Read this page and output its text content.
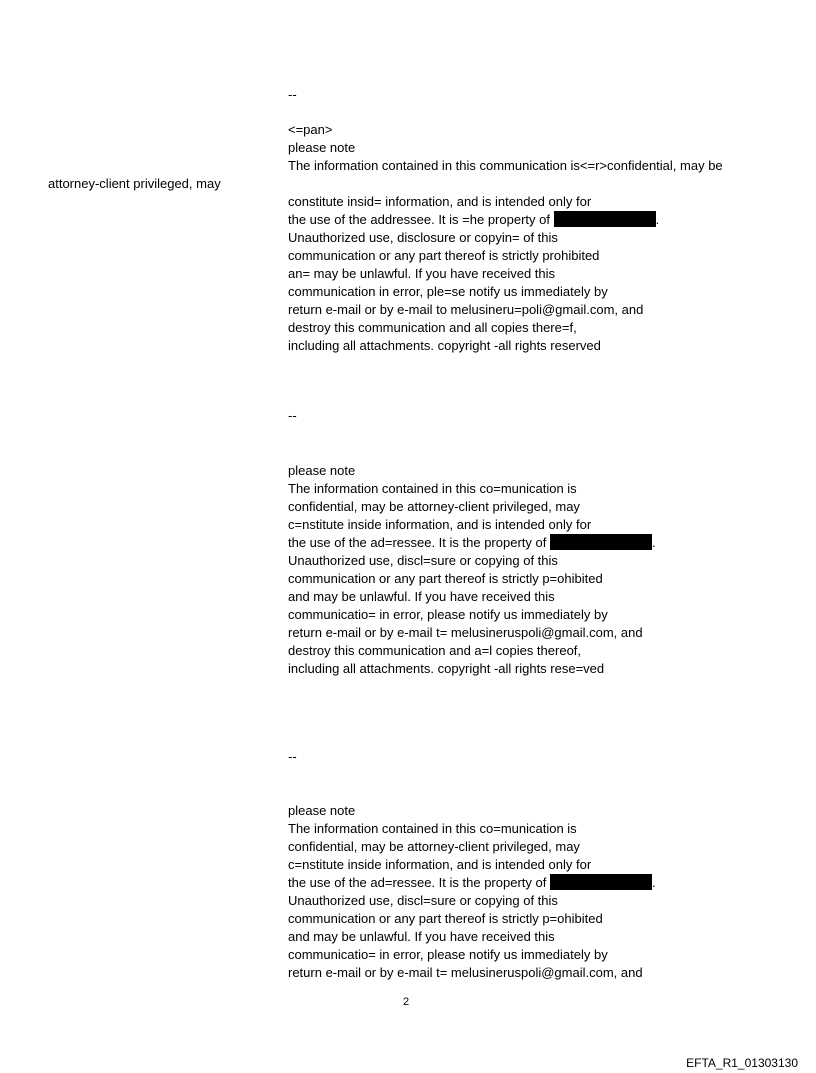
--
<=pan>
please note
The information contained in this communication is<=r>confidential, may be
attorney-client privileged, may
constitute insid= information, and is intended only for
the use of the addressee. It is =he property of	.
Unauthorized use, disclosure or copyin= of this
communication or any part thereof is strictly prohibited
an= may be unlawful. If you have received this
communication in error, ple=se notify us immediately by
return e-mail or by e-mail to melusineru=poli@gmail.com, and
destroy this communication and all copies there=f,
including all attachments. copyright -all rights reserved
--
please note
The information contained in this co=munication is
confidential, may be attorney-client privileged, may
c=nstitute inside information, and is intended only for
the use of the ad=ressee. It is the property of	.
Unauthorized use, discl=sure or copying of this
communication or any part thereof is strictly p=ohibited
and may be unlawful. If you have received this
communicatio= in error, please notify us immediately by
return e-mail or by e-mail t= melusineruspoli@gmail.com, and
destroy this communication and a=l copies thereof,
including all attachments. copyright -all rights rese=ved
--
please note
The information contained in this co=munication is
confidential, may be attorney-client privileged, may
c=nstitute inside information, and is intended only for
the use of the ad=ressee. It is the property of	.
Unauthorized use, discl=sure or copying of this
communication or any part thereof is strictly p=ohibited
and may be unlawful. If you have received this
communicatio= in error, please notify us immediately by
return e-mail or by e-mail t= melusineruspoli@gmail.com, and
2
EFTA_R1_01303130
